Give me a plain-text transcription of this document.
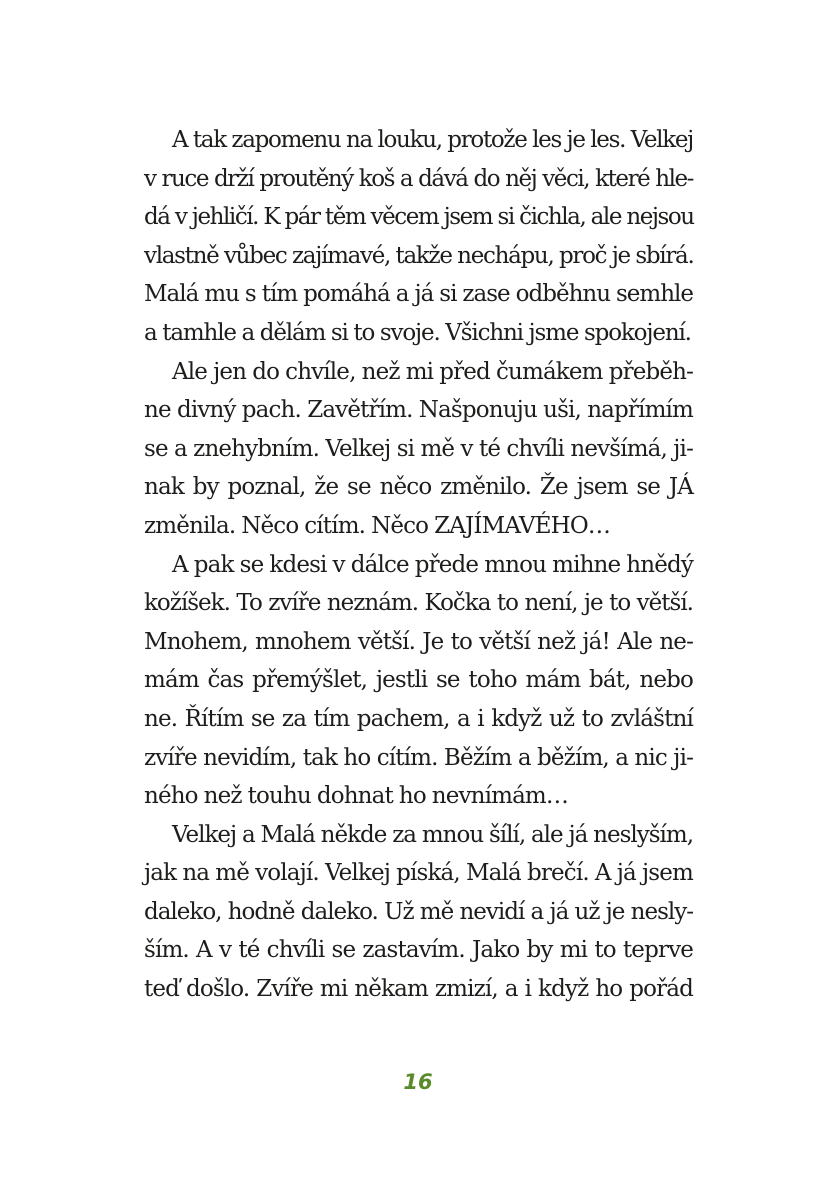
A tak zapomenu na louku, protože les je les. Velkej
v ruce drží proutěný koš a dává do něj věci, které hle-
dá v jehličí. K pár těm věcem jsem si čichla, ale nejsou
vlastně vůbec zajímavé, takže nechápu, proč je sbírá.
Malá mu s tím pomáhá a já si zase odběhnu semhle
a tamhle a dělám si to svoje. Všichni jsme spokojení.
Ale jen do chvíle, než mi před čumákem přeběh-
ne divný pach. Zavětřím. Našponuju uši, napřímím
se a znehybním. Velkej si mě v té chvíli nevšímá, ji-
nak by poznal, že se něco změnilo. Že jsem se JÁ
změnila. Něco cítím. Něco ZAJÍMAVÉHO…
A pak se kdesi v dálce přede mnou mihne hnědý
kožíšek. To zvíře neznám. Kočka to není, je to větší.
Mnohem, mnohem větší. Je to větší než já! Ale ne-
mám čas přemýšlet, jestli se toho mám bát, nebo
ne. Řítím se za tím pachem, a i když už to zvláštní
zvíře nevidím, tak ho cítím. Běžím a běžím, a nic ji-
ného než touhu dohnat ho nevnímám…
Velkej a Malá někde za mnou šílí, ale já neslyším,
jak na mě volají. Velkej píská, Malá brečí. A já jsem
daleko, hodně daleko. Už mě nevidí a já už je nesly-
ším. A v té chvíli se zastavím. Jako by mi to teprve
teď došlo. Zvíře mi někam zmizí, a i když ho pořád
16
